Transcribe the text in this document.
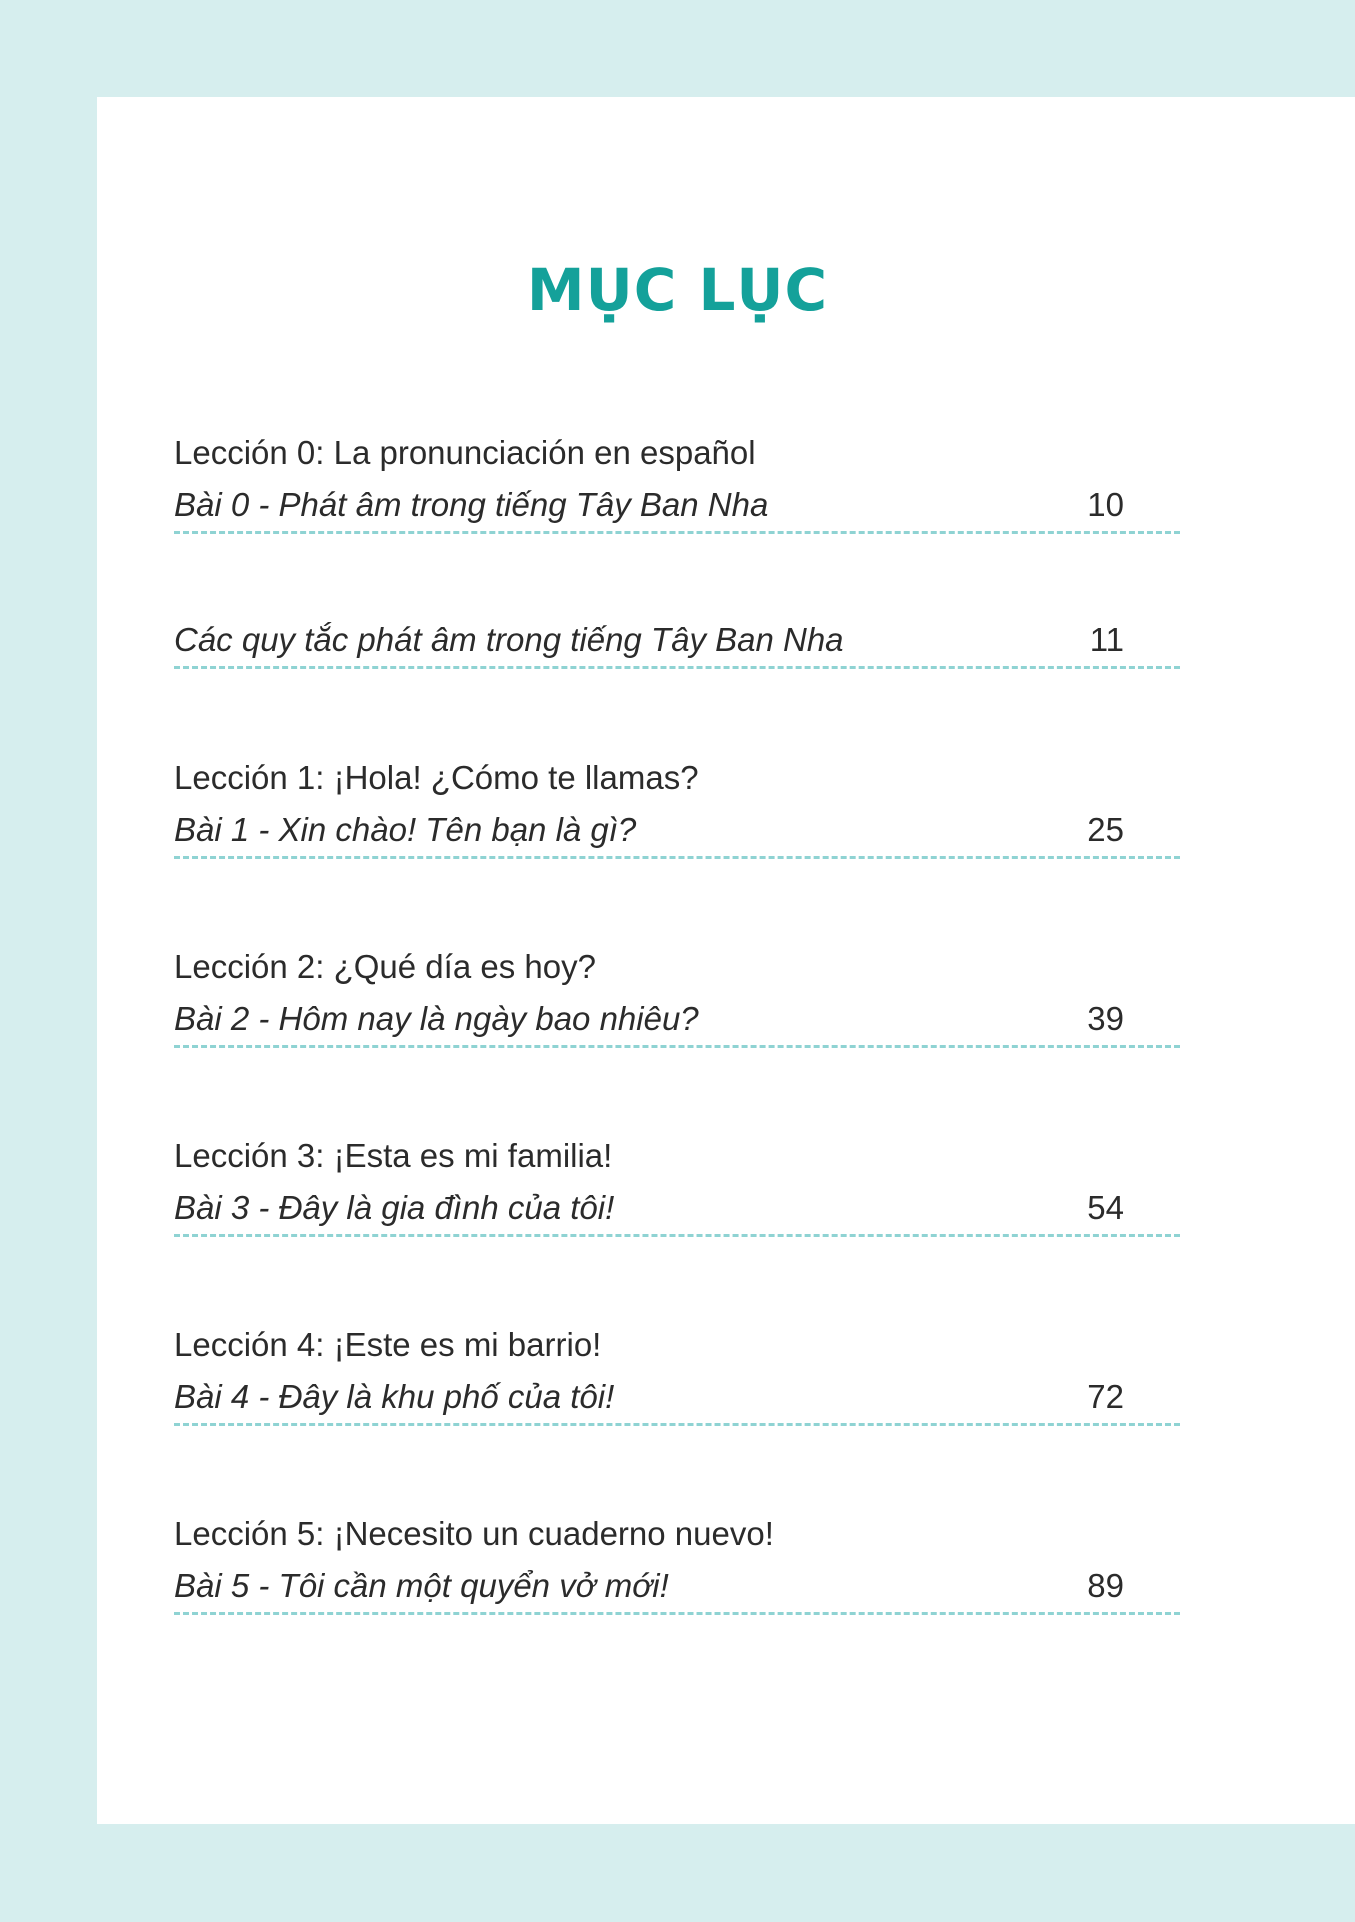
MỤC LỤC
Lección 0: La pronunciación en español
Bài 0 - Phát âm trong tiếng Tây Ban Nha	10
Các quy tắc phát âm trong tiếng Tây Ban Nha	11
Lección 1: ¡Hola! ¿Cómo te llamas?
Bài 1 - Xin chào! Tên bạn là gì?	25
Lección 2: ¿Qué día es hoy?
Bài 2 - Hôm nay là ngày bao nhiêu?	39
Lección 3: ¡Esta es mi familia!
Bài 3 - Đây là gia đình của tôi!	54
Lección 4: ¡Este es mi barrio!
Bài 4 - Đây là khu phố của tôi!	72
Lección 5: ¡Necesito un cuaderno nuevo!
Bài 5 - Tôi cần một quyển vở mới!	89
